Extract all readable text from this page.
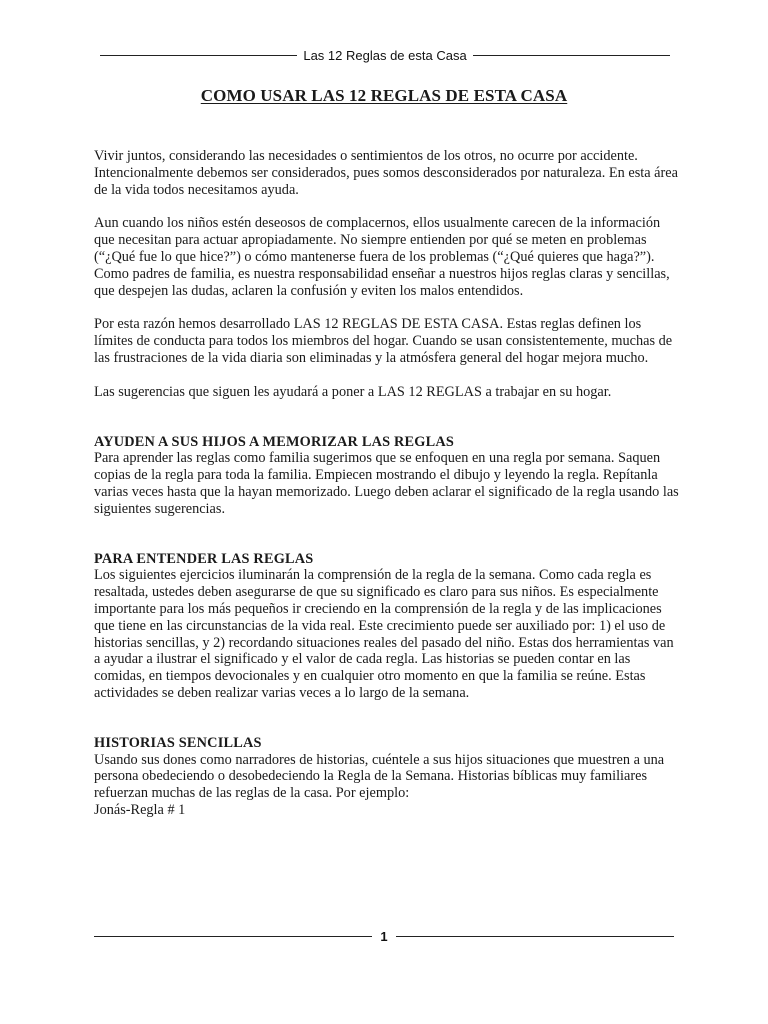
Las 12 Reglas de esta Casa
COMO USAR LAS 12 REGLAS DE ESTA CASA

Vivir juntos, considerando las necesidades o sentimientos de los otros, no ocurre por accidente. Intencionalmente debemos ser considerados, pues somos desconsiderados por naturaleza. En esta área de la vida todos necesitamos ayuda.

Aun cuando los niños estén deseosos de complacernos, ellos usualmente carecen de la información que necesitan para actuar apropiadamente. No siempre entienden por qué se meten en problemas (“¿Qué fue lo que hice?”) o cómo mantenerse fuera de los problemas (“¿Qué quieres que haga?”). Como padres de familia, es nuestra responsabilidad enseñar a nuestros hijos reglas claras y sencillas, que despejen las dudas, aclaren la confusión y eviten los malos entendidos.

Por esta razón hemos desarrollado LAS 12 REGLAS DE ESTA CASA. Estas reglas definen los límites de conducta para todos los miembros del hogar. Cuando se usan consistentemente, muchas de las frustraciones de la vida diaria son eliminadas y la atmósfera general del hogar mejora mucho.

Las sugerencias que siguen les ayudará a poner a LAS 12 REGLAS a trabajar en su hogar.

AYUDEN A SUS HIJOS A MEMORIZAR LAS REGLAS

Para aprender las reglas como familia sugerimos que se enfoquen en una regla por semana. Saquen copias de la regla para toda la familia. Empiecen mostrando el dibujo y leyendo la regla. Repítanla varias veces hasta que la hayan memorizado. Luego deben aclarar el significado de la regla usando las siguientes sugerencias.

PARA ENTENDER LAS REGLAS

Los siguientes ejercicios iluminarán la comprensión de la regla de la semana. Como cada regla es resaltada, ustedes deben asegurarse de que su significado es claro para sus niños. Es especialmente importante para los más pequeños ir creciendo en la comprensión de la regla y de las implicaciones que tiene en las circunstancias de la vida real. Este crecimiento puede ser auxiliado por: 1) el uso de historias sencillas, y 2) recordando situaciones reales del pasado del niño. Estas dos herramientas van a ayudar a ilustrar el significado y el valor de cada regla. Las historias se pueden contar en las comidas, en tiempos devocionales y en cualquier otro momento en que la familia se reúne. Estas actividades se deben realizar varias veces a lo largo de la semana.

HISTORIAS SENCILLAS

Usando sus dones como narradores de historias, cuéntele a sus hijos situaciones que muestren a una persona obedeciendo o desobedeciendo la Regla de la Semana. Historias bíblicas muy familiares refuerzan muchas de las reglas de la casa. Por ejemplo:

Jonás-Regla # 1

1
